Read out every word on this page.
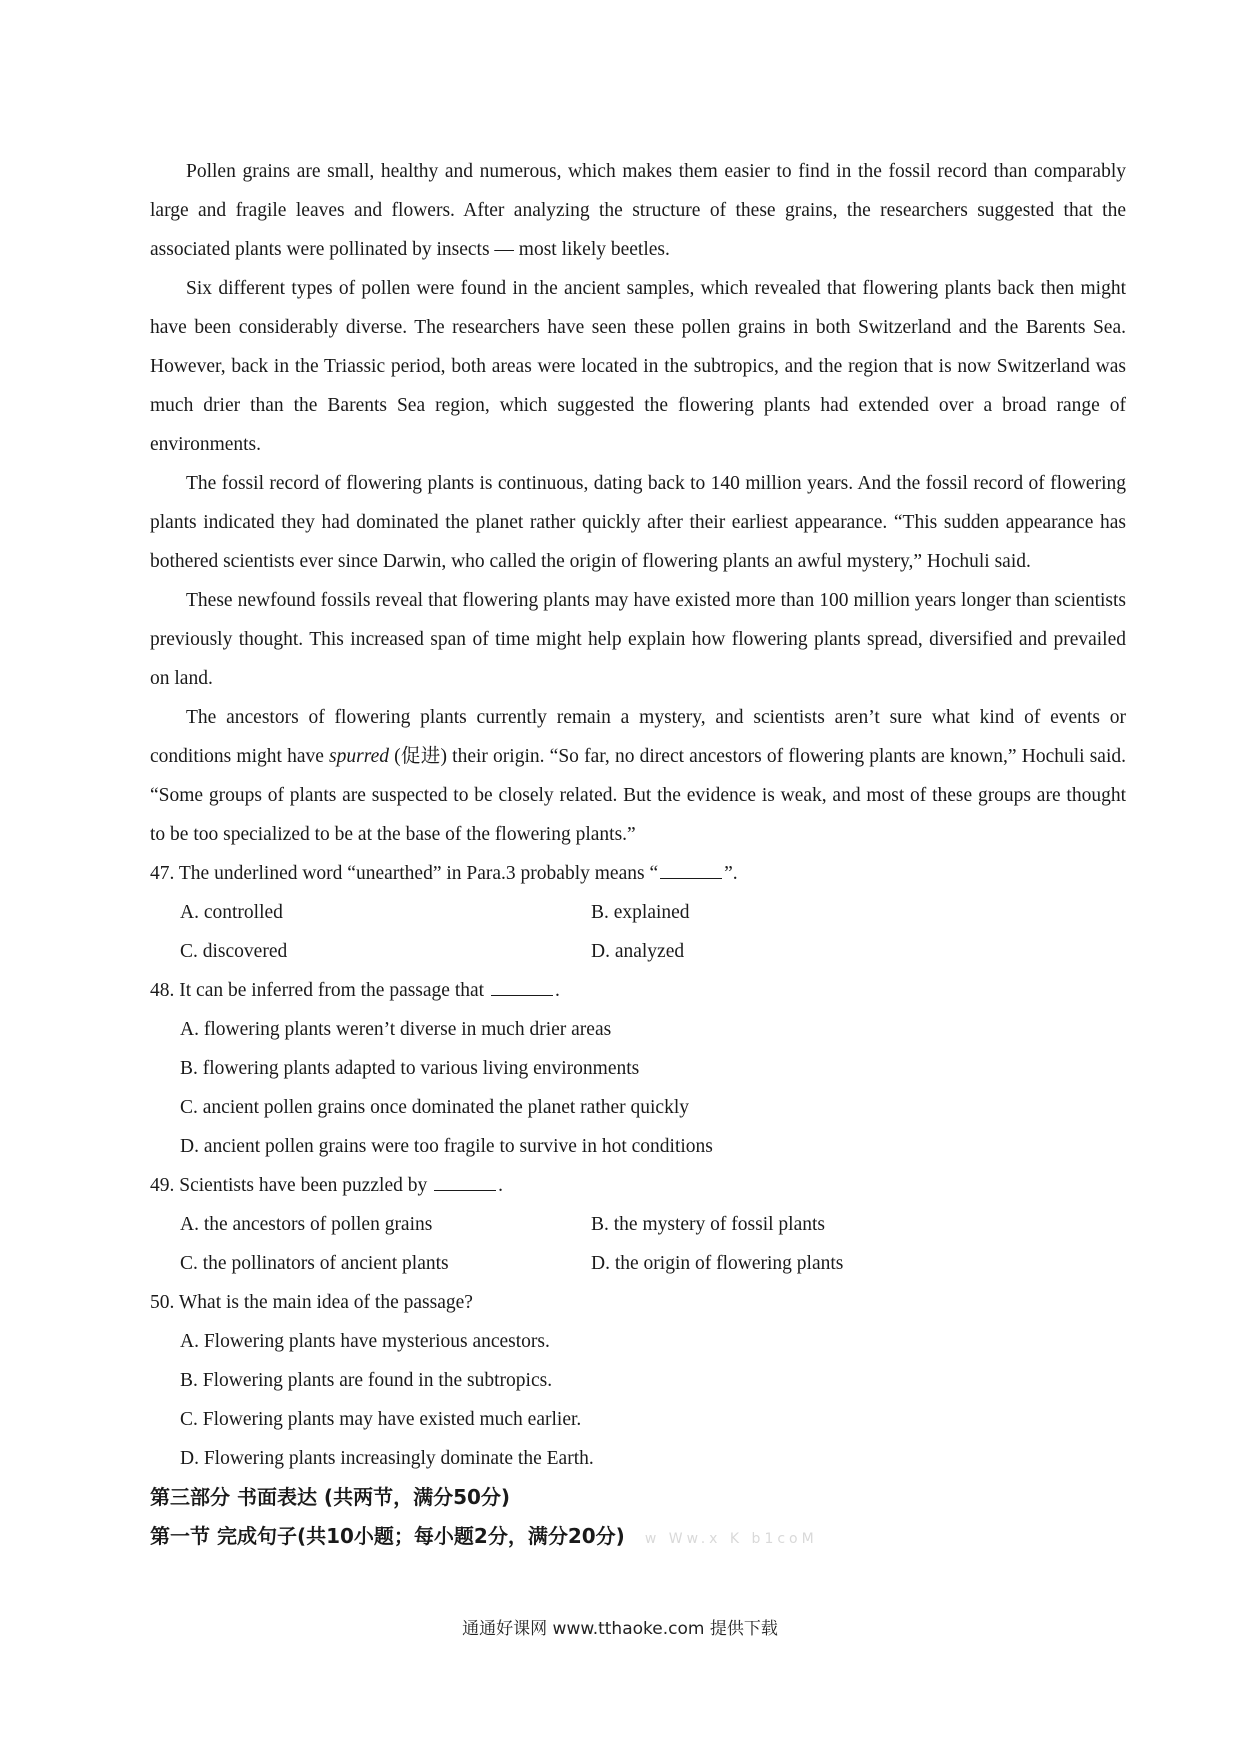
Pollen grains are small, healthy and numerous, which makes them easier to find in the fossil record than comparably large and fragile leaves and flowers. After analyzing the structure of these grains, the researchers suggested that the associated plants were pollinated by insects — most likely beetles.

Six different types of pollen were found in the ancient samples, which revealed that flowering plants back then might have been considerably diverse. The researchers have seen these pollen grains in both Switzerland and the Barents Sea. However, back in the Triassic period, both areas were located in the subtropics, and the region that is now Switzerland was much drier than the Barents Sea region, which suggested the flowering plants had extended over a broad range of environments.

The fossil record of flowering plants is continuous, dating back to 140 million years. And the fossil record of flowering plants indicated they had dominated the planet rather quickly after their earliest appearance. “This sudden appearance has bothered scientists ever since Darwin, who called the origin of flowering plants an awful mystery,” Hochuli said.

These newfound fossils reveal that flowering plants may have existed more than 100 million years longer than scientists previously thought. This increased span of time might help explain how flowering plants spread, diversified and prevailed on land.

The ancestors of flowering plants currently remain a mystery, and scientists aren’t sure what kind of events or conditions might have spurred (促进) their origin. “So far, no direct ancestors of flowering plants are known,” Hochuli said. “Some groups of plants are suspected to be closely related. But the evidence is weak, and most of these groups are thought to be too specialized to be at the base of the flowering plants.”

47. The underlined word “unearthed” in Para.3 probably means “	”.

A. controlled	B. explained

C. discovered	D. analyzed

48. It can be inferred from the passage that	.

A. flowering plants weren’t diverse in much drier areas

B. flowering plants adapted to various living environments

C. ancient pollen grains once dominated the planet rather quickly

D. ancient pollen grains were too fragile to survive in hot conditions

49. Scientists have been puzzled by	.

A. the ancestors of pollen grains	B. the mystery of fossil plants

C. the pollinators of ancient plants	D. the origin of flowering plants

50. What is the main idea of the passage?

A. Flowering plants have mysterious ancestors.

B. Flowering plants are found in the subtropics.

C. Flowering plants may have existed much earlier.

D. Flowering plants increasingly dominate the Earth.

第三部分 书面表达 (共两节，满分50分)

第一节 完成句子(共10小题；每小题2分，满分20分) w Ww.x K b1coM

通通好课网 www.tthaoke.com 提供下载
